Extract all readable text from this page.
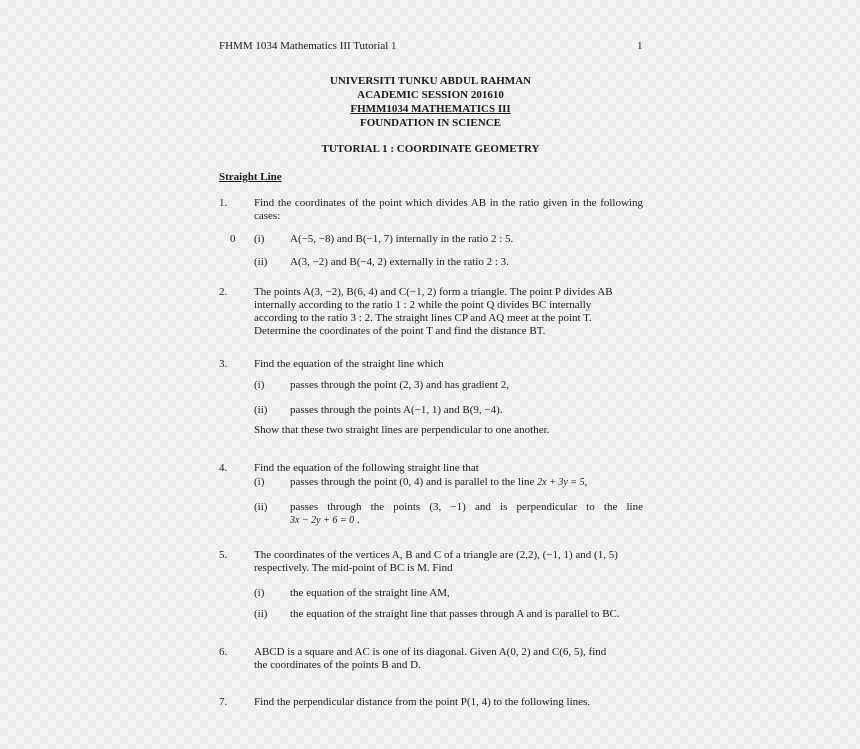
FHMM 1034 Mathematics III Tutorial 1	1
UNIVERSITI TUNKU ABDUL RAHMAN
ACADEMIC SESSION 201610
FHMM1034 MATHEMATICS III
FOUNDATION IN SCIENCE
TUTORIAL 1 : COORDINATE GEOMETRY
Straight Line
1. Find the coordinates of the point which divides AB in the ratio given in the following cases:
0 (i) A(−5, −8) and B(−1, 7) internally in the ratio 2 : 5.
(ii) A(3, −2) and B(−4, 2) externally in the ratio 2 : 3.
2. The points A(3, −2), B(6, 4) and C(−1, 2) form a triangle. The point P divides AB
internally according to the ratio 1 : 2 while the point Q divides BC internally
according to the ratio 3 : 2. The straight lines CP and AQ meet at the point T.
Determine the coordinates of the point T and find the distance BT.
3. Find the equation of the straight line which
(i) passes through the point (2, 3) and has gradient 2,
(ii) passes through the points A(−1, 1) and B(9, −4).
Show that these two straight lines are perpendicular to one another.
4. Find the equation of the following straight line that
(i) passes through the point (0, 4) and is parallel to the line 2x + 3y = 5,
(ii) passes through the points (3, −1) and is perpendicular to the line
3x − 2y + 6 = 0 .
5. The coordinates of the vertices A, B and C of a triangle are (2,2), (−1, 1) and (1, 5)
respectively. The mid-point of BC is M. Find
(i) the equation of the straight line AM,
(ii) the equation of the straight line that passes through A and is parallel to BC.
6. ABCD is a square and AC is one of its diagonal. Given A(0, 2) and C(6, 5), find
the coordinates of the points B and D.
7. Find the perpendicular distance from the point P(1, 4) to the following lines.
